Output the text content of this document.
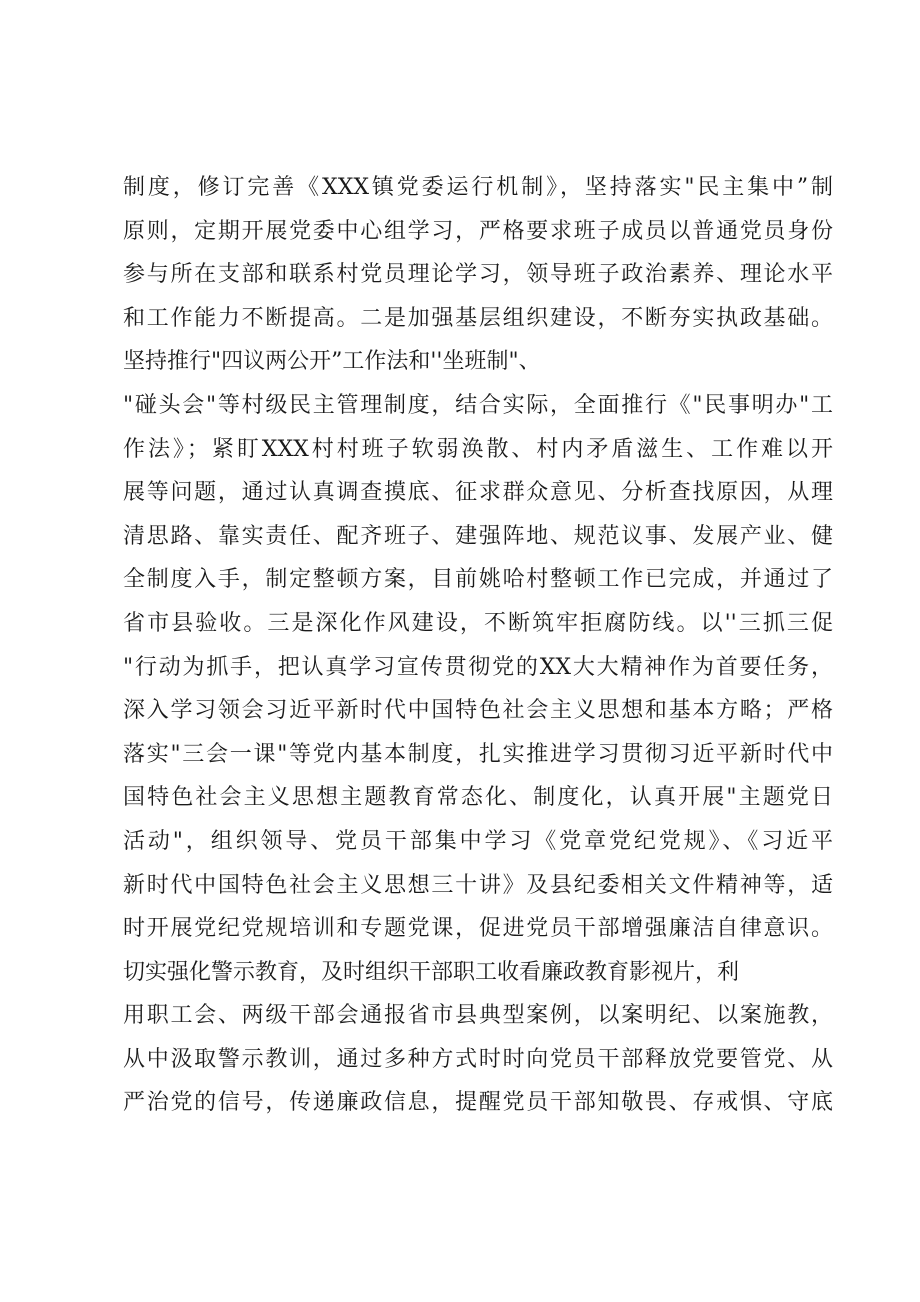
制度，修订完善《XXX镇党委运行机制》，坚持落实"民主集中”制
原则，定期开展党委中心组学习，严格要求班子成员以普通党员身份
参与所在支部和联系村党员理论学习，领导班子政治素养、理论水平
和工作能力不断提高。二是加强基层组织建设，不断夯实执政基础。
坚持推行"四议两公开”工作法和''坐班制"、
"碰头会"等村级民主管理制度，结合实际，全面推行《"民事明办"工
作法》；紧盯XXX村村班子软弱涣散、村内矛盾滋生、工作难以开
展等问题，通过认真调查摸底、征求群众意见、分析查找原因，从理
清思路、靠实责任、配齐班子、建强阵地、规范议事、发展产业、健
全制度入手，制定整顿方案，目前姚哈村整顿工作已完成，并通过了
省市县验收。三是深化作风建设，不断筑牢拒腐防线。以''三抓三促
"行动为抓手，把认真学习宣传贯彻党的XX大大精神作为首要任务，
深入学习领会习近平新时代中国特色社会主义思想和基本方略；严格
落实"三会一课"等党内基本制度，扎实推进学习贯彻习近平新时代中
国特色社会主义思想主题教育常态化、制度化，认真开展"主题党日
活动"，组织领导、党员干部集中学习《党章党纪党规》、《习近平
新时代中国特色社会主义思想三十讲》及县纪委相关文件精神等，适
时开展党纪党规培训和专题党课，促进党员干部增强廉洁自律意识。
切实强化警示教育，及时组织干部职工收看廉政教育影视片，利
用职工会、两级干部会通报省市县典型案例，以案明纪、以案施教，
从中汲取警示教训，通过多种方式时时向党员干部释放党要管党、从
严治党的信号，传递廉政信息，提醒党员干部知敬畏、存戒惧、守底
